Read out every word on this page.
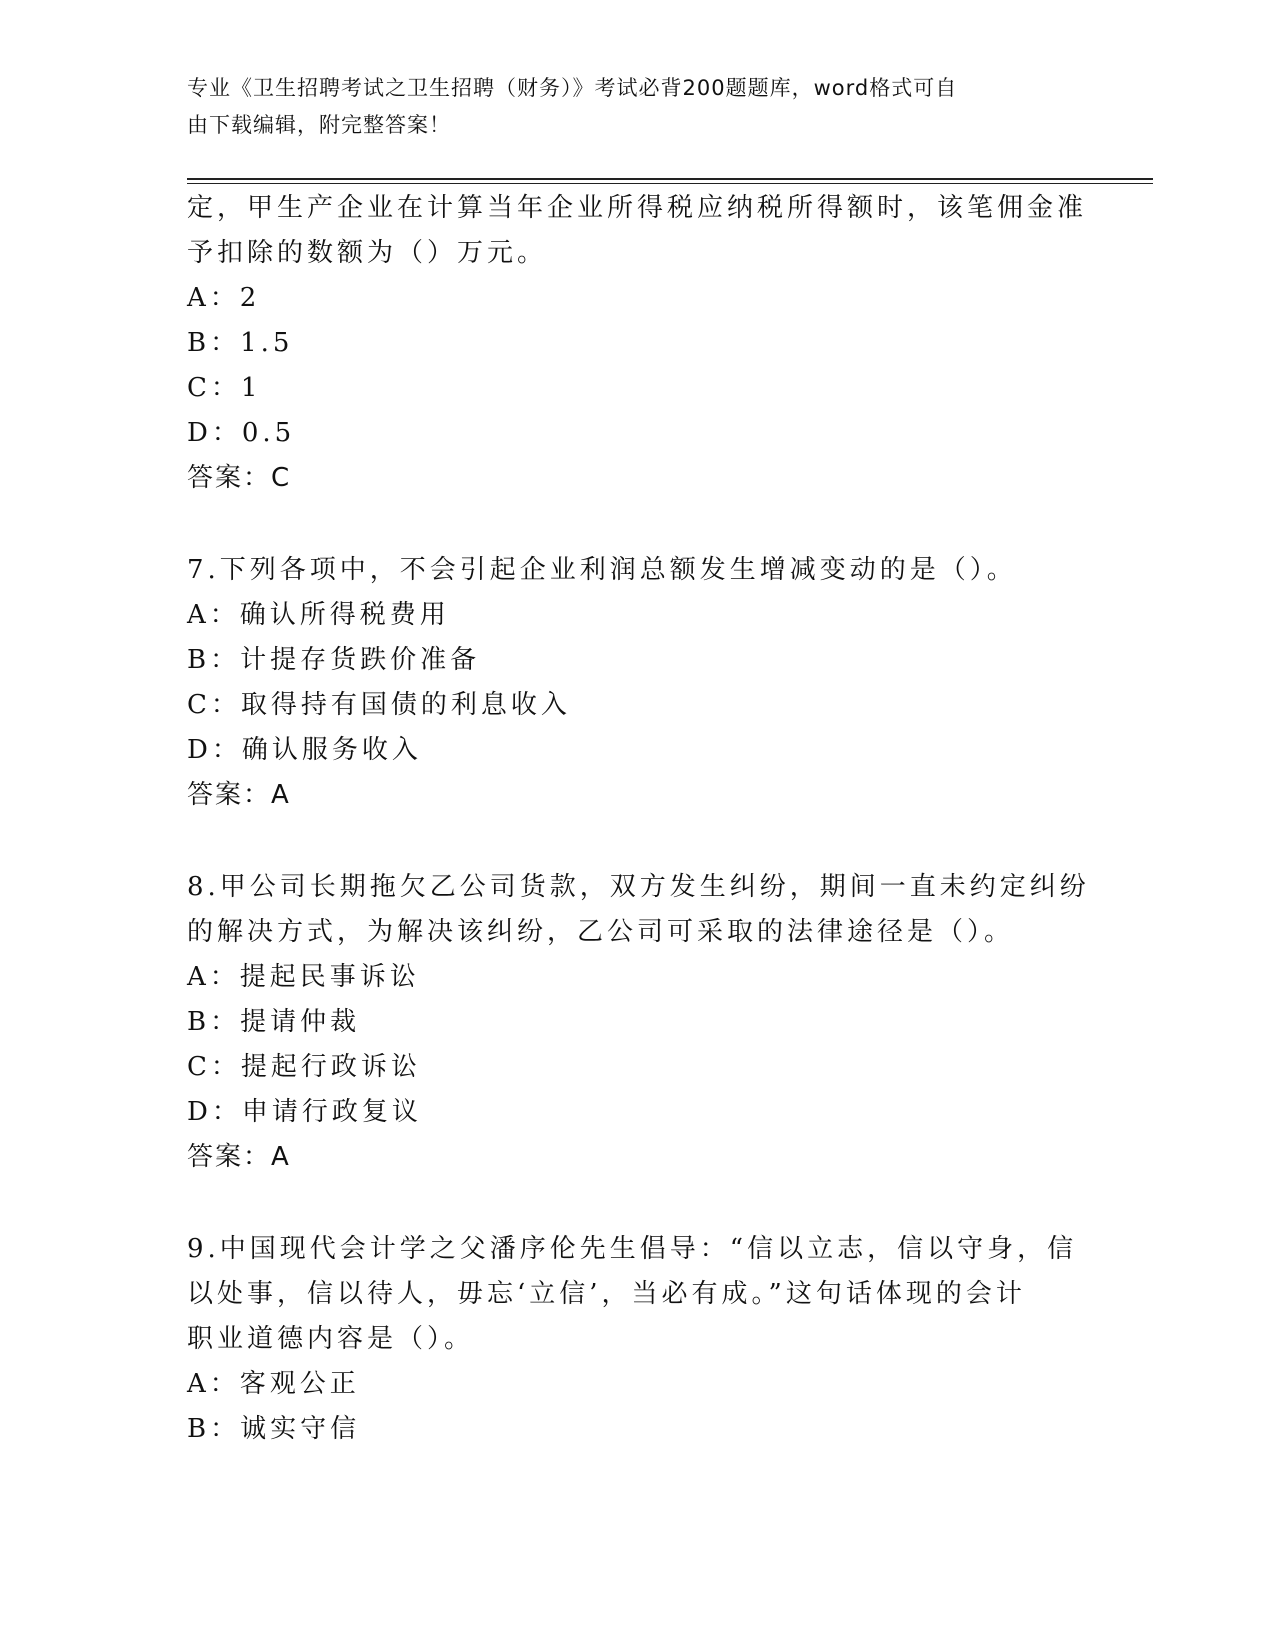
专业《卫生招聘考试之卫生招聘（财务）》考试必背200题题库，word格式可自
由下载编辑，附完整答案！
定，甲生产企业在计算当年企业所得税应纳税所得额时，该笔佣金准
予扣除的数额为（）万元。
A：2
B：1.5
C：1
D：0.5
答案：C
7.下列各项中，不会引起企业利润总额发生增减变动的是（）。
A：确认所得税费用
B：计提存货跌价准备
C：取得持有国债的利息收入
D：确认服务收入
答案：A
8.甲公司长期拖欠乙公司货款，双方发生纠纷，期间一直未约定纠纷
的解决方式，为解决该纠纷，乙公司可采取的法律途径是（）。
A：提起民事诉讼
B：提请仲裁
C：提起行政诉讼
D：申请行政复议
答案：A
9.中国现代会计学之父潘序伦先生倡导：“信以立志，信以守身，信
以处事，信以待人，毋忘‘立信’，当必有成。”这句话体现的会计
职业道德内容是（）。
A：客观公正
B：诚实守信
